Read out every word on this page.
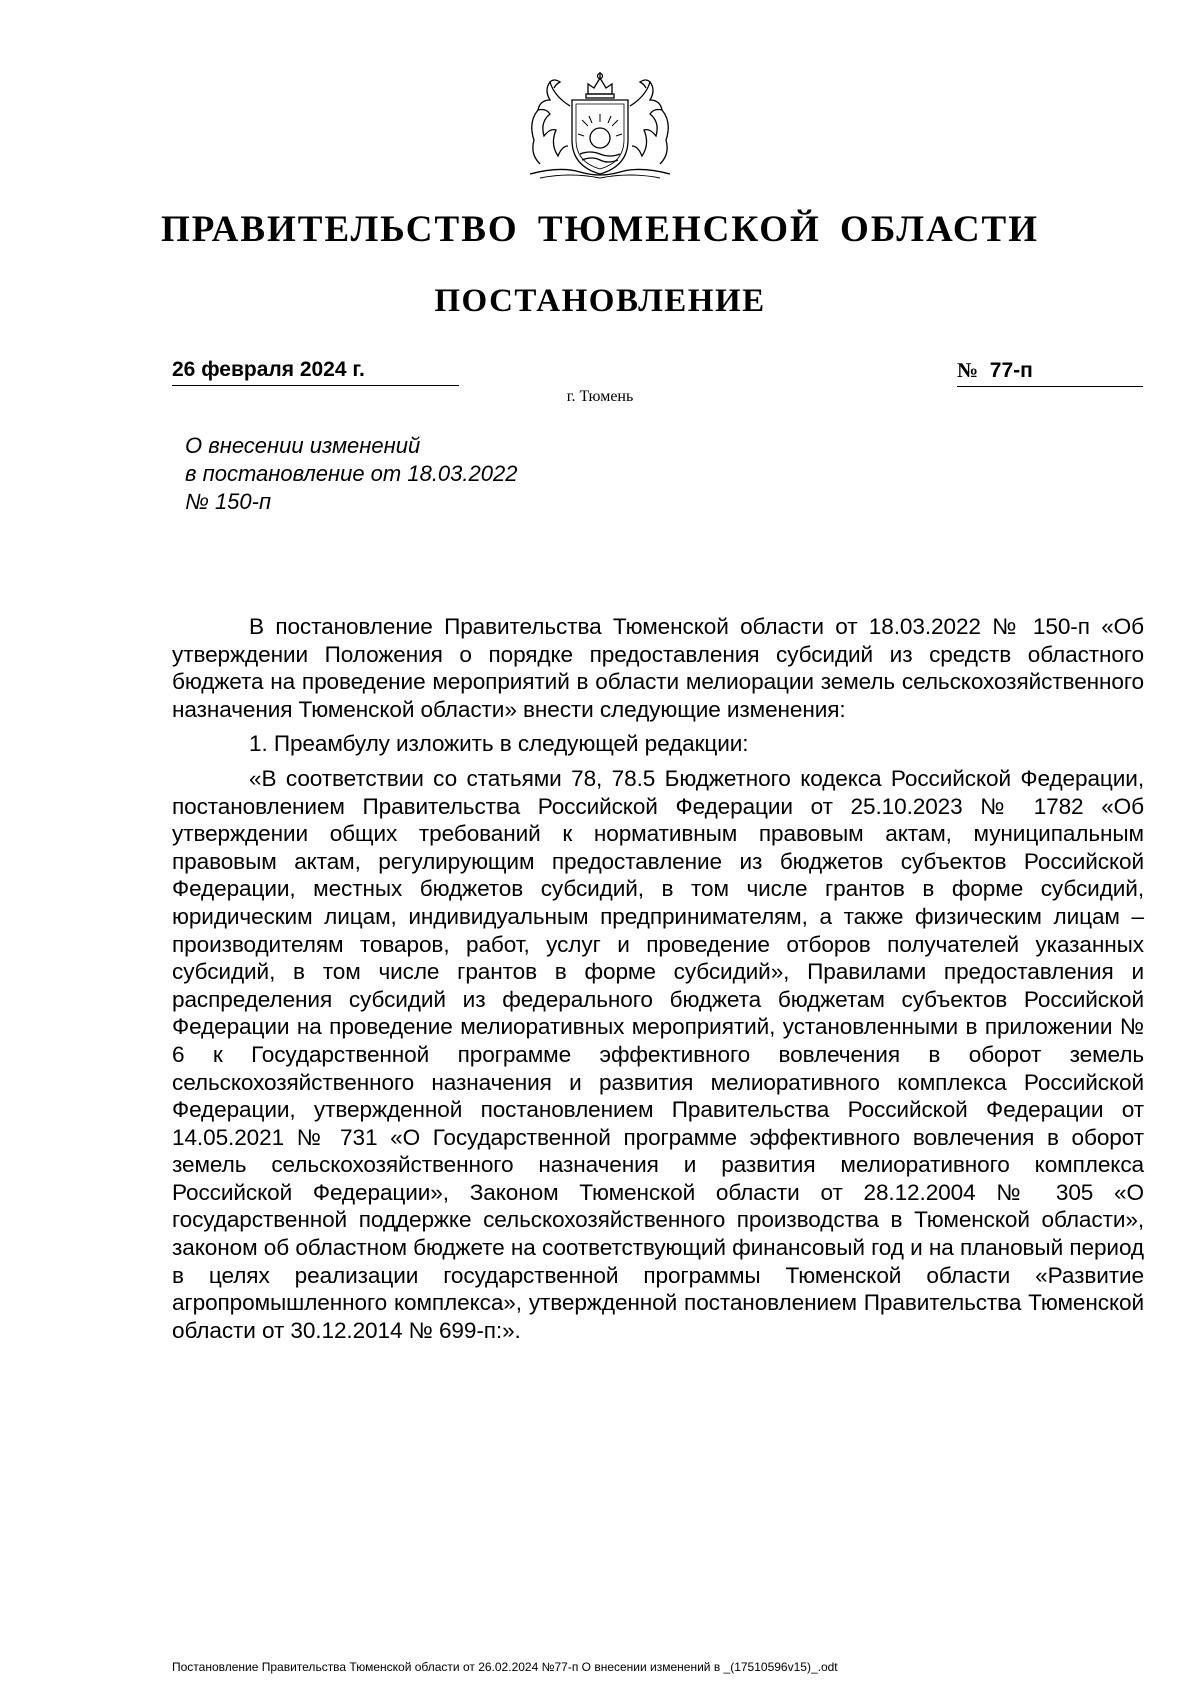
ПРАВИТЕЛЬСТВО ТЮМЕНСКОЙ ОБЛАСТИ
ПОСТАНОВЛЕНИЕ
26 февраля 2024 г.	№ 77-п
г. Тюмень
О внесении изменений
в постановление от 18.03.2022
№ 150-п

В постановление Правительства Тюменской области от 18.03.2022 № 150-п «Об утверждении Положения о порядке предоставления субсидий из средств областного бюджета на проведение мероприятий в области мелиорации земель сельскохозяйственного назначения Тюменской области» внести следующие изменения:

1. Преамбулу изложить в следующей редакции:

«В соответствии со статьями 78, 78.5 Бюджетного кодекса Российской Федерации, постановлением Правительства Российской Федерации от 25.10.2023 № 1782 «Об утверждении общих требований к нормативным правовым актам, муниципальным правовым актам, регулирующим предоставление из бюджетов субъектов Российской Федерации, местных бюджетов субсидий, в том числе грантов в форме субсидий, юридическим лицам, индивидуальным предпринимателям, а также физическим лицам – производителям товаров, работ, услуг и проведение отборов получателей указанных субсидий, в том числе грантов в форме субсидий», Правилами предоставления и распределения субсидий из федерального бюджета бюджетам субъектов Российской Федерации на проведение мелиоративных мероприятий, установленными в приложении № 6 к Государственной программе эффективного вовлечения в оборот земель сельскохозяйственного назначения и развития мелиоративного комплекса Российской Федерации, утвержденной постановлением Правительства Российской Федерации от 14.05.2021 № 731 «О Государственной программе эффективного вовлечения в оборот земель сельскохозяйственного назначения и развития мелиоративного комплекса Российской Федерации», Законом Тюменской области от 28.12.2004 № 305 «О государственной поддержке сельскохозяйственного производства в Тюменской области», законом об областном бюджете на соответствующий финансовый год и на плановый период в целях реализации государственной программы Тюменской области «Развитие агропромышленного комплекса», утвержденной постановлением Правительства Тюменской области от 30.12.2014 № 699-п:».

Постановление Правительства Тюменской области от 26.02.2024 №77-п О внесении изменений в _(17510596v15)_.odt
